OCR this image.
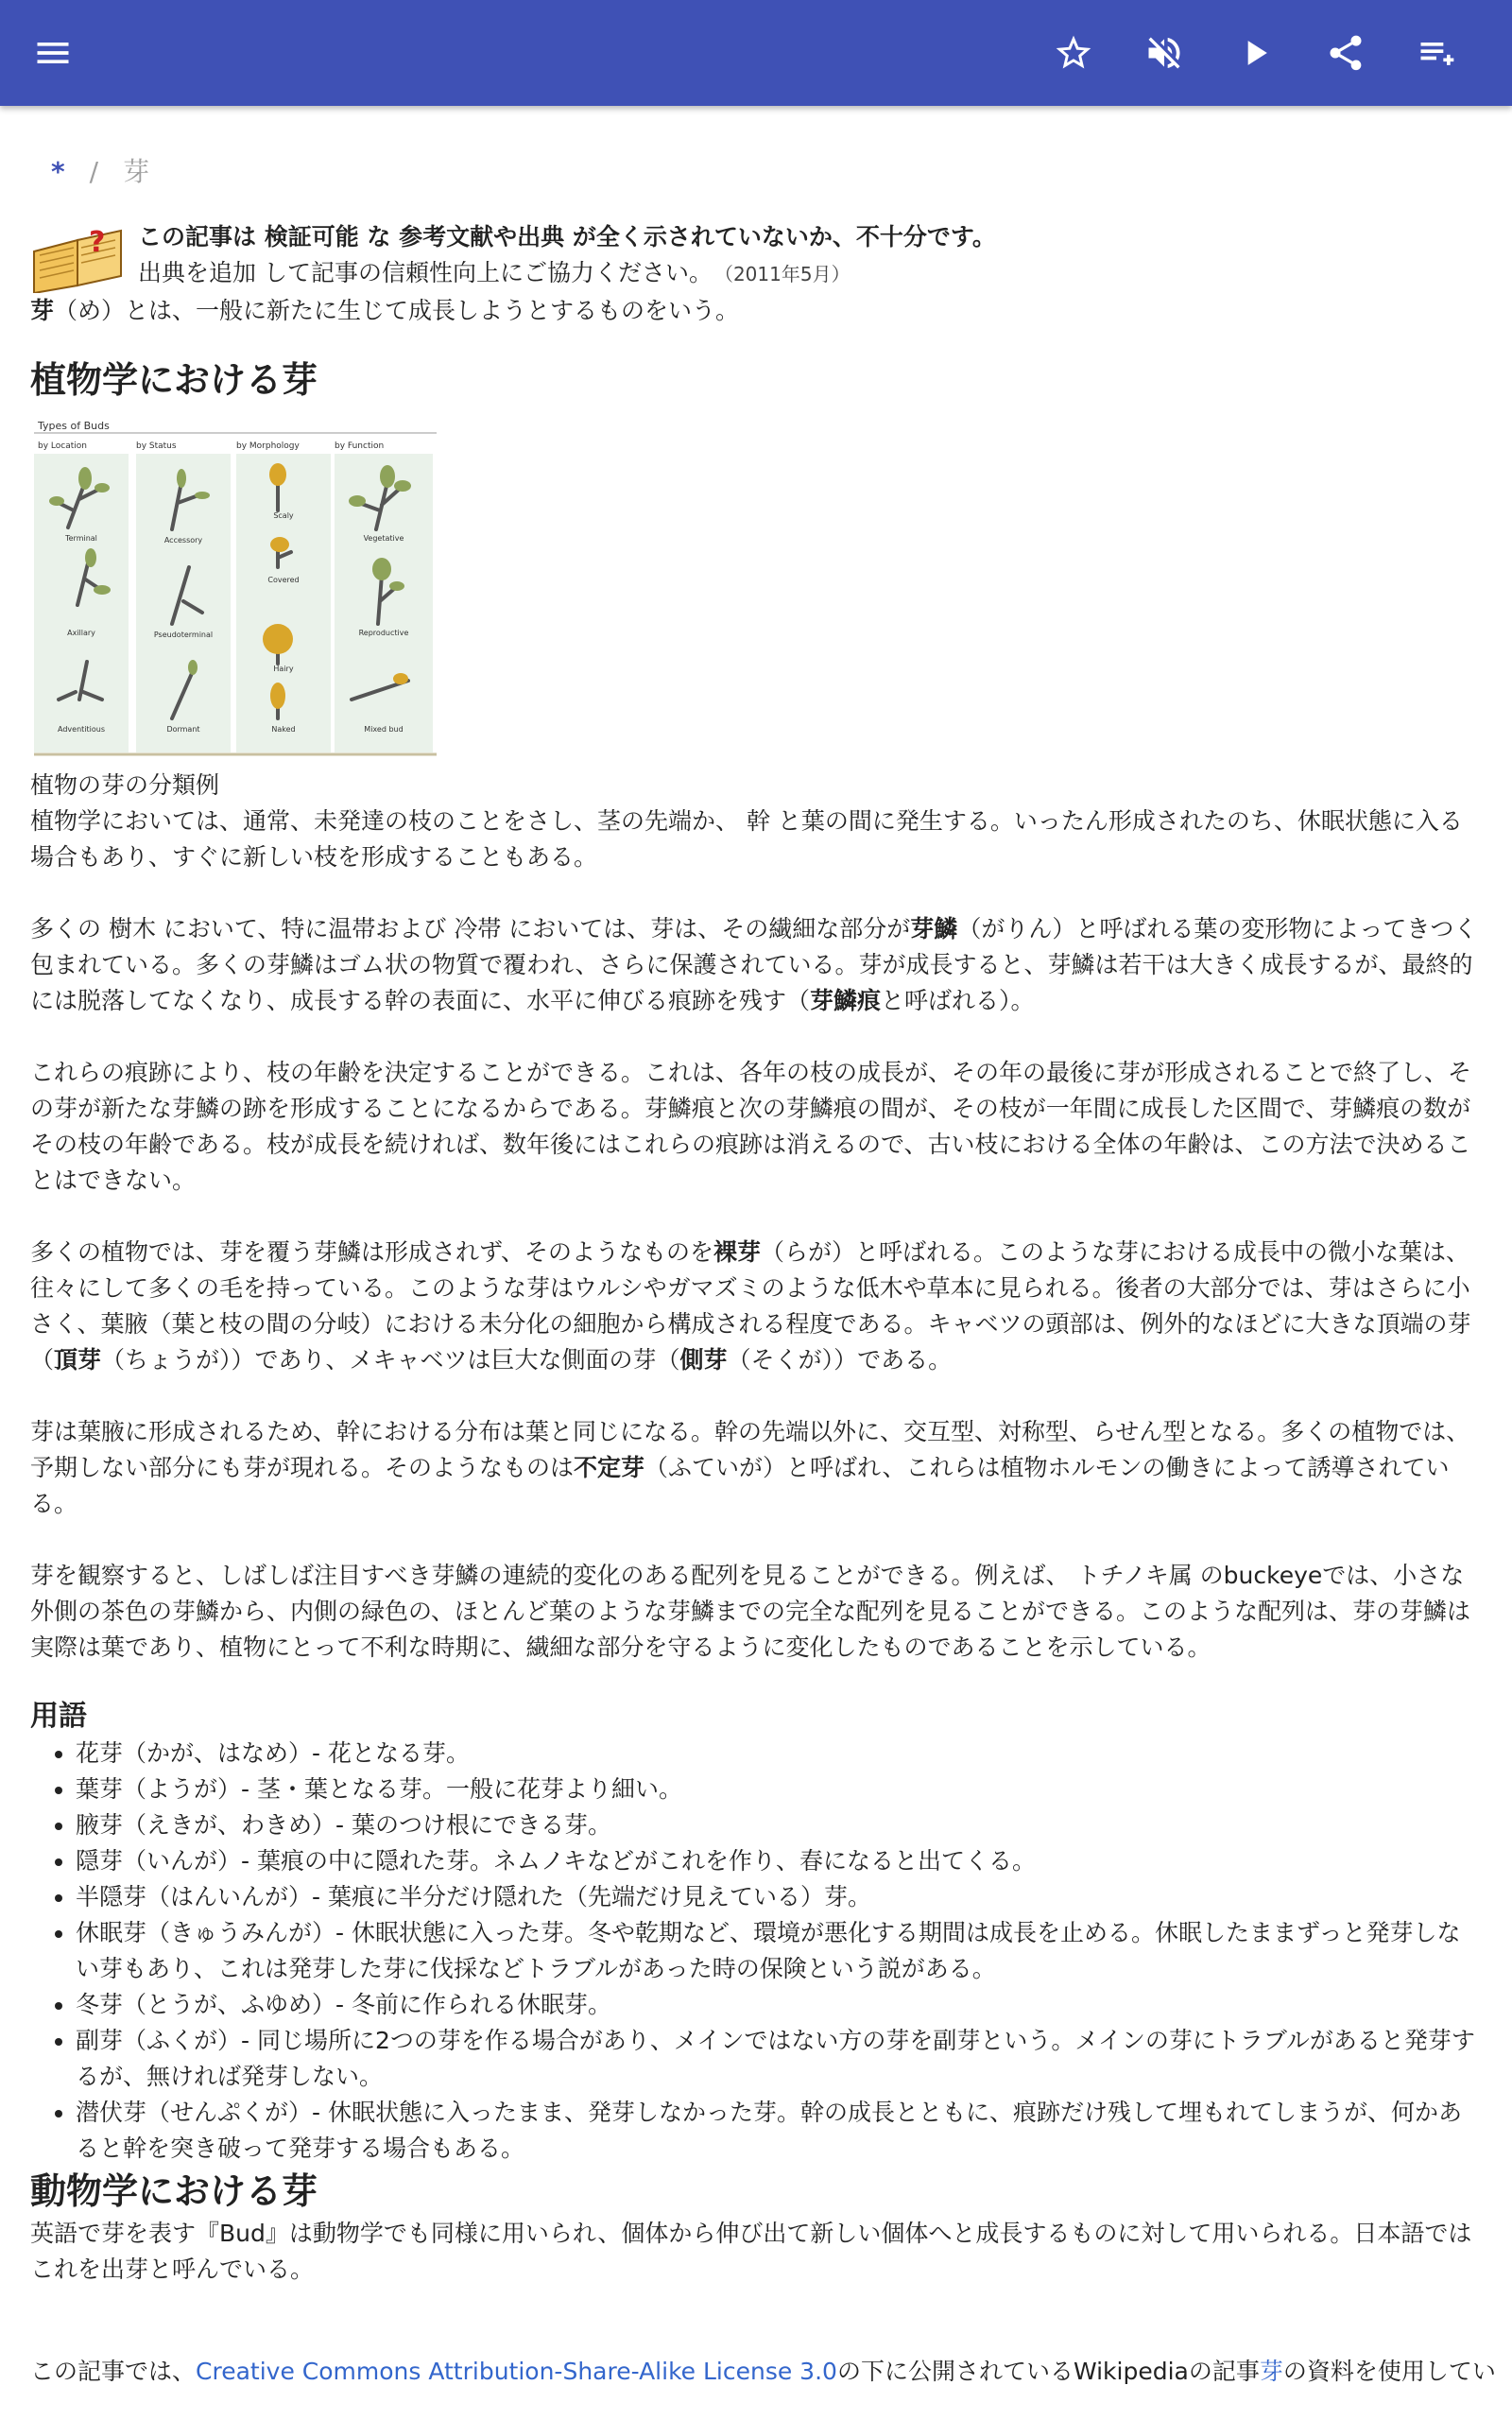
* / 芽
? この記事は 検証可能 な 参考文献や出典 が全く示されていないか、不十分です。
出典を追加 して記事の信頼性向上にご協力ください。 （2011年5月）

芽（め）とは、一般に新たに生じて成長しようとするものをいう。

植物学における芽
Types of Buds
by Location	by Status	by Morphology	by Function
Terminal
Axillary
Adventitious
Accessory
Pseudoterminal
Dormant
Scaly
Covered
Hairy
Naked
Vegetative
Reproductive
Mixed bud

植物の芽の分類例

植物学においては、通常、未発達の枝のことをさし、茎の先端か、 幹 と葉の間に発生する。いったん形成されたのち、休眠状態に入る場合もあり、すぐに新しい枝を形成することもある。

多くの 樹木 において、特に温帯および 冷帯 においては、芽は、その繊細な部分が芽鱗（がりん）と呼ばれる葉の変形物によってきつく包まれている。多くの芽鱗はゴム状の物質で覆われ、さらに保護されている。芽が成長すると、芽鱗は若干は大きく成長するが、最終的には脱落してなくなり、成長する幹の表面に、水平に伸びる痕跡を残す（芽鱗痕と呼ばれる）。

これらの痕跡により、枝の年齢を決定することができる。これは、各年の枝の成長が、その年の最後に芽が形成されることで終了し、その芽が新たな芽鱗の跡を形成することになるからである。芽鱗痕と次の芽鱗痕の間が、その枝が一年間に成長した区間で、芽鱗痕の数がその枝の年齢である。枝が成長を続ければ、数年後にはこれらの痕跡は消えるので、古い枝における全体の年齢は、この方法で決めることはできない。

多くの植物では、芽を覆う芽鱗は形成されず、そのようなものを裸芽（らが）と呼ばれる。このような芽における成長中の微小な葉は、往々にして多くの毛を持っている。このような芽はウルシやガマズミのような低木や草本に見られる。後者の大部分では、芽はさらに小さく、葉腋（葉と枝の間の分岐）における未分化の細胞から構成される程度である。キャベツの頭部は、例外的なほどに大きな頂端の芽（頂芽（ちょうが））であり、メキャベツは巨大な側面の芽（側芽（そくが））である。

芽は葉腋に形成されるため、幹における分布は葉と同じになる。幹の先端以外に、交互型、対称型、らせん型となる。多くの植物では、予期しない部分にも芽が現れる。そのようなものは不定芽（ふていが）と呼ばれ、これらは植物ホルモンの働きによって誘導されている。

芽を観察すると、しばしば注目すべき芽鱗の連続的変化のある配列を見ることができる。例えば、 トチノキ属 のbuckeyeでは、小さな外側の茶色の芽鱗から、内側の緑色の、ほとんど葉のような芽鱗までの完全な配列を見ることができる。このような配列は、芽の芽鱗は実際は葉であり、植物にとって不利な時期に、繊細な部分を守るように変化したものであることを示している。

用語
• 花芽（かが、はなめ）- 花となる芽。
• 葉芽（ようが）- 茎・葉となる芽。一般に花芽より細い。
• 腋芽（えきが、わきめ）- 葉のつけ根にできる芽。
• 隠芽（いんが）- 葉痕の中に隠れた芽。ネムノキなどがこれを作り、春になると出てくる。
• 半隠芽（はんいんが）- 葉痕に半分だけ隠れた（先端だけ見えている）芽。
• 休眠芽（きゅうみんが）- 休眠状態に入った芽。冬や乾期など、環境が悪化する期間は成長を止める。休眠したままずっと発芽しない芽もあり、これは発芽した芽に伐採などトラブルがあった時の保険という説がある。
• 冬芽（とうが、ふゆめ）- 冬前に作られる休眠芽。
• 副芽（ふくが）- 同じ場所に2つの芽を作る場合があり、メインではない方の芽を副芽という。メインの芽にトラブルがあると発芽するが、無ければ発芽しない。
• 潜伏芽（せんぷくが）- 休眠状態に入ったまま、発芽しなかった芽。幹の成長とともに、痕跡だけ残して埋もれてしまうが、何かあると幹を突き破って発芽する場合もある。
動物学における芽

英語で芽を表す『Bud』は動物学でも同様に用いられ、個体から伸び出て新しい個体へと成長するものに対して用いられる。日本語ではこれを出芽と呼んでいる。

この記事では、Creative Commons Attribution-Share-Alike License 3.0の下に公開されているWikipediaの記事芽の資料を使用してい
